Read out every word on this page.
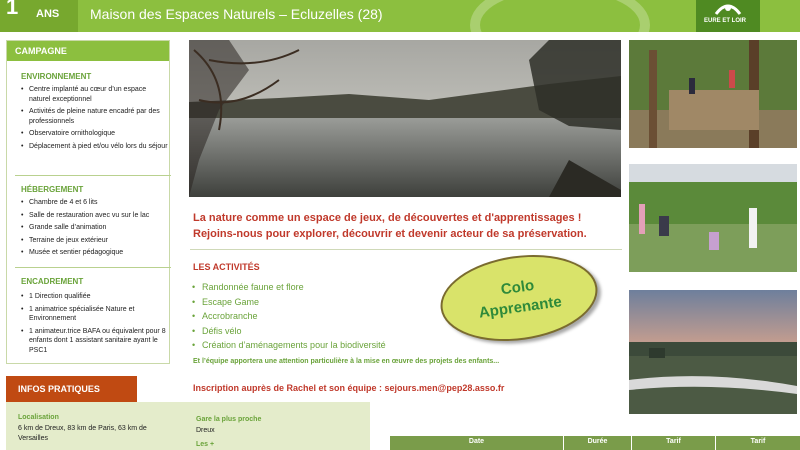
1 ANS Maison des Espaces Naturels – Ecluzelles (28)	EURE ET LOIR
CAMPAGNE
ENVIRONNEMENT
• Centre implanté au cœur d’un espace naturel exceptionnel
• Activités de pleine nature encadré par des professionnels
• Observatoire ornithologique
• Déplacement à pied et/ou vélo lors du séjour
HÉBERGEMENT
• Chambre de 4 et 6 lits
• Salle de restauration avec vu sur le lac
• Grande salle d’animation
• Terraine de jeux extérieur
• Musée et sentier pédagogique
ENCADREMENT
• 1 Direction qualifiée
• 1 animatrice spécialisée Nature et Environnement
• 1 animateur.trice BAFA ou équivalent pour 8 enfants dont 1 assistant sanitaire ayant le PSC1
INFOS PRATIQUES
Localisation
6 km de Dreux, 83 km de Paris, 63 km de Versailles
Gare la plus proche
Dreux
Les +
La nature comme un espace de jeux, de découvertes et d'apprentissages !
Rejoins-nous pour explorer, découvrir et devenir acteur de sa préservation.
LES ACTIVITÉS
• Randonnée faune et flore
• Escape Game
• Accrobranche
• Défis vélo
• Création d’aménagements pour la biodiversité
Colo
Apprenante
Et l’équipe apportera une attention particulière à la mise en œuvre des projets des enfants...
Inscription auprès de Rachel et son équipe : sejours.men@pep28.asso.fr
Date	Durée	Tarif	Tarif
